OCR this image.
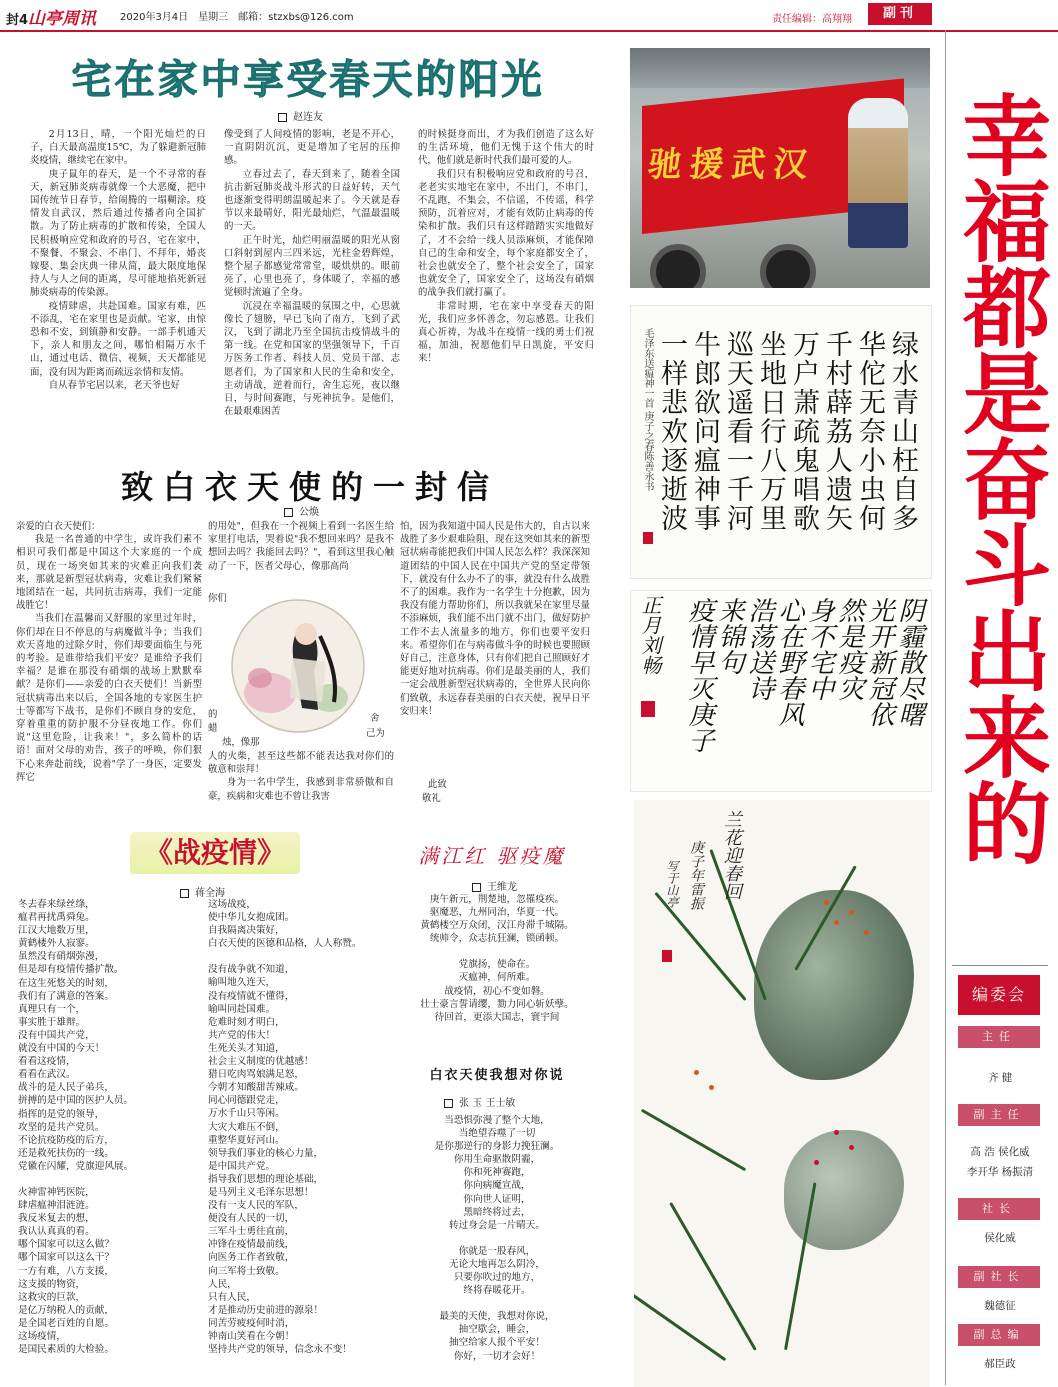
封4山亭周讯 2020年3月4日　星期三　邮箱：stzxbs@126.com	责任编辑：高翔翔	副刊
宅在家中享受春天的阳光
赵连友

2月13日，晴，一个阳光灿烂的日子，白天最高温度15℃，为了躲避新冠肺炎疫情，继续宅在家中。

庚子鼠年的春天，是一个不寻常的春天，新冠肺炎病毒就像一个大恶魔，把中国传统节日春节，给闹腾的一塌糊涂。疫情发自武汉，然后通过传播者向全国扩散。为了防止病毒的扩散和传染，全国人民积极响应党和政府的号召，宅在家中，不聚餐、不聚会、不串门、不拜年，婚丧嫁娶、集会庆典一律从简，最大限度地保持人与人之间的距离，尽可能地掐死新冠肺炎病毒的传染源。

疫情肆虐，共赴国难。国家有难，匹不添乱，宅在家里也是贡献。宅家，由惊恐和不安，到镇静和安静。一部手机通天下，亲人和朋友之间，哪怕相隔万水千山，通过电话、微信、视频，天天都能见面，没有因为距离而疏远亲情和友情。

自从春节宅居以来，老天爷也好

像受到了人间疫情的影响，老是不开心，一直阴阴沉沉，更是增加了宅居的压抑感。

立春过去了，春天到来了，随着全国抗击新冠肺炎战斗形式的日益好转，天气也逐渐变得明朗温暖起来了。今天就是春节以来最晴好，阳光最灿烂，气温最温暖的一天。

正午时光，灿烂明丽温暖的阳光从窗口斜射到屋内三四米远，光柱金碧辉煌，整个屋子都感觉常常堂，暖烘烘的。眼前亮了，心里也亮了，身体暖了，幸福的感觉顿时流遍了全身。

沉浸在幸福温暖的氛围之中，心思就像长了翅膀，早已飞向了南方，飞到了武汉，飞到了湖北乃至全国抗击疫情战斗的第一线。在党和国家的坚强领导下，千百万医务工作者、科技人员、党员干部、志愿者们，为了国家和人民的生命和安全，主动请战，逆着而行，舍生忘死，夜以继日，与时间赛跑，与死神抗争。是他们，在最艰难困苦

的时候挺身而出，才为我们创造了这么好的生活环境，他们无愧于这个伟大的时代，他们就是新时代我们最可爱的人。

我们只有积极响应党和政府的号召，老老实实地宅在家中，不出门，不串门，不乱跑，不集会，不信谣，不传谣，科学预防，沉着应对，才能有效防止病毒的传染和扩散。我们只有这样踏踏实实地做好了，才不会给一线人员添麻烦，才能保障自己的生命和安全，每个家庭都安全了，社会也就安全了，整个社会安全了，国家也就安全了，国家安全了，这场没有硝烟的战争我们就打赢了。

非常时期，宅在家中享受春天的阳光，我们应多怀善念，勿忘感恩。让我们真心祈祷，为战斗在疫情一线的勇士们祝福，加油，祝愿他们早日凯旋，平安归来！

致白衣天使的一封信
公焕

亲爱的白衣天使们：

我是一名普通的中学生，或许我们素不相识可我们都是中国这个大家庭的一个成员，现在一场突如其来的灾难正向我们袭来，那就是新型冠状病毒，灾难让我们紧紧地团结在一起，共同抗击病毒，我们一定能战胜它！

当我们在温馨而又舒服的家里过年时，你们却在日不停息的与病魔做斗争；当我们欢天喜地的过除夕时，你们却要面临生与死的考验。是谁带给我们平安？是谁给予我们幸福？是谁在那没有硝烟的战场上默默奉献？是你们——亲爱的白衣天使们！当新型冠状病毒出来以后，全国各地的专家医生护士等都写下战书，是你们不顾自身的安危，穿着重重的防护服不分昼夜地工作。你们说"这里危险，让我来！"，多么简朴的话语！面对父母的劝告，孩子的呼唤，你们狠下心来奔赴前线，说着"学了一身医，定要发挥它

的用处"，但我在一个视频上看到一名医生给家里打电话，哭着说"我不想回来吗？是我不想回去吗？我能回去吗？"，看到这里我心触动了一下，医者父母心，像那高尚

你们
的
蜡
烛，像那
舍
己为

人的火柴，甚至这些都不能表达我对你们的敬意和崇拜！

身为一名中学生，我感到非常骄傲和自豪，疾病和灾难也不曾让我害

怕，因为我知道中国人民是伟大的，自古以来战胜了多少艰难险阻，现在这突如其来的新型冠状病毒能把我们中国人民怎么样？我深深知道团结的中国人民在中国共产党的坚定带领下，就没有什么办不了的事，就没有什么战胜不了的困难。我作为一名学生十分抱歉，因为我没有能力帮助你们，所以我就呆在家里尽量不添麻烦，我们能不出门就不出门，做好防护工作不去人流量多的地方，你们也要平安归来。希望你们在与病毒做斗争的时候也要照顾好自己，注意身体，只有你们把自己照顾好才能更好地对抗病毒。你们是最美丽的人，我们一定会战胜新型冠状病毒的，全世界人民向你们致敬，永远春春美丽的白衣天使，祝早日平安归来！

此致
敬礼
《战疫情》
蒋全海
冬去春来绿丝绦，
瘟君再扰禹舜兔。
江汉大地数万里，
黄鹤楼外人寂寥。
虽然没有硝烟弥漫，
但是却有疫情传播扩散。
在这生死悠关的时刻，
我们有了满意的答案。
真理只有一个，
事实胜于雄辩。
没有中国共产党，
就没有中国的今天！
看看这疫情，
看看在武汉。
战斗的是人民子弟兵，
拼搏的是中国的医护人员。
指挥的是党的领导，
攻坚的是共产党员。
不论抗疫防疫的后方，
还是救死扶伤的一线。
党徽在闪耀，党旗迎风展。
火神雷神钙医院，
肆虐瘟神泪涟涟。
我反米复去的想，
我认认真真的看。
哪个国家可以这么做？
哪个国家可以这么干？
一方有难，八方支援，
这支援的物资，
这救灾的巨款，
是亿万纳税人的贡献，
是全国老百姓的自愿。
这场疫情，
是国民素质的大检验。
这场战疫，
使中华儿女抱成团。
自我隔离决策好，
白衣天使的医德和品格，人人称赞。
没有战争就不知道，
喻叫地久连天，
没有疫情就不懂得，
喻叫同赴国难。
危难时刻才明白，
共产党的伟大！
生死关头才知道，
社会主义制度的优越感！
猎日吃肉骂娘满足怒，
今朝才知酸甜苦辣咸。
同心同德跟党走，
万水千山只等闲。
大灾大难压不倒，
重整华夏好河山。
领导我们事业的核心力量，
是中国共产党。
指导我们思想的理论基础，
是马列主义毛泽东思想！
没有一支人民的军队，
便没有人民的一切，
三军斗士勇往直前，
冲锋在疫情最前线，
向医务工作者致敬，
向三军将士致敬。
人民，
只有人民，
才是推动历史前进的源泉！
同苦劳疲疫何时消，
钟南山笑看在今朝！
坚持共产党的领导，信念永不变！
满江红 驱疫魔
王维龙
庚午新元，荆楚地，忽罹疫疾。
驱魔恶，九州同治，华夏一代。
黄鹤楼空万众闭，汉江舟滞千城隔。
统帅令，众志抗狂澜，锁函顿。
党旗扬，使命在。
灭瘟神，何所难。
战疫情，初心不变如磐。
壮士豪言誓请缨，勠力同心斩妖孽。
待回首，更添大国志，寰宇间
白衣天使我想对你说
张 玉 王士敏
当恐惧弥漫了整个大地，
当绝望吞噬了一切
是你那逆行的身影力挽狂澜。
你用生命驱散阴霾，
你和死神赛跑，
你向病魔宣战，
你向世人证明，
黑暗终将过去，
转过身会是一片晴天。
你就是一股春风，
无论大地再怎么阴冷，
只要你吹过的地方，
终将春暖花开。
最美的天使，我想对你说，
抽空歇会，睡会，
抽空给家人报个平安！
你好，一切才会好！
驰援武汉
绿水青山枉自多
华佗无奈小虫何
千村薜荔人遗矢
万户萧疏鬼唱歌
坐地日行八万里
巡天遥看一千河
牛郎欲问瘟神事
一样悲欢逐逝波
毛泽东送瘟神一首 庚子之春陈善永书
阴霾散尽曙
光开新冠依
然是疫灾
身不宅中
心在野春风
浩荡送诗
来锦句
疫情早灭庚子
正月刘畅
兰花迎春回
庚子年雷振
写于山亭
幸福都是奋斗出来的
编委会
主任
齐 健
副主任
高 浩 侯化威
李开华 杨振清
社长
侯化威
副社长
魏德征
副总编
郝臣政
